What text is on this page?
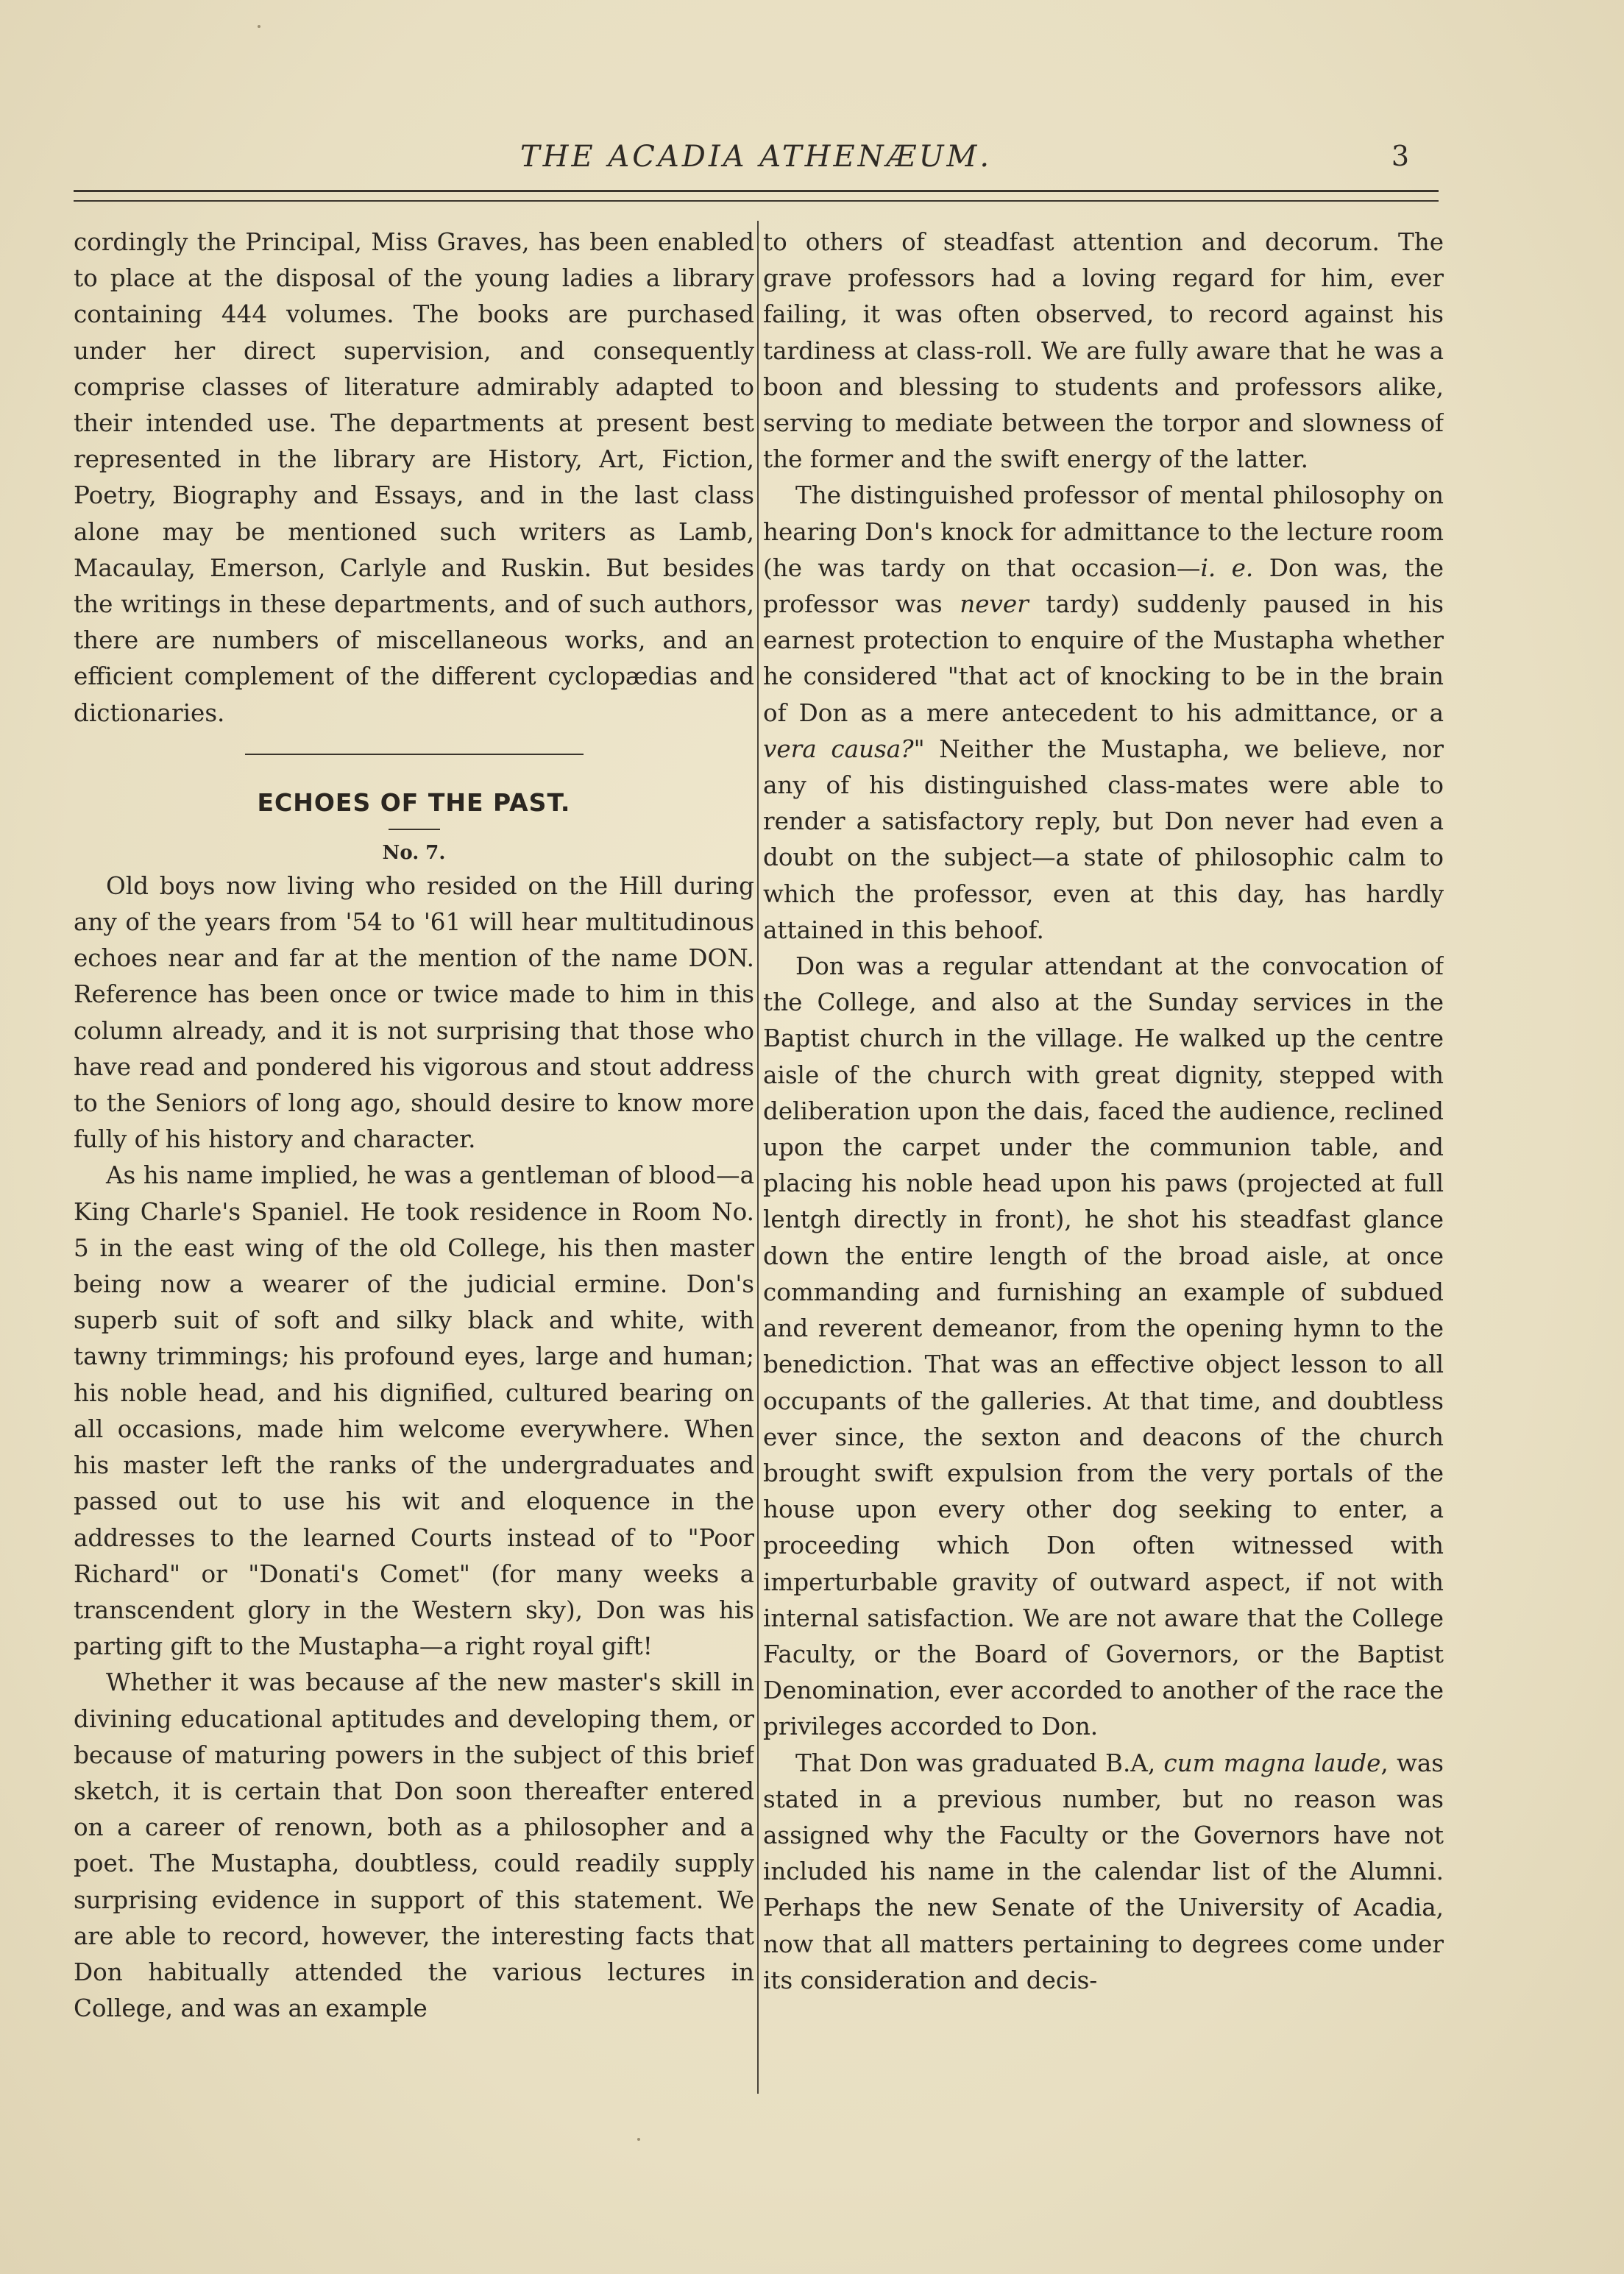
THE ACADIA ATHENÆUM.	3

cordingly the Principal, Miss Graves, has been enabled to place at the disposal of the young ladies a library containing 444 volumes. The books are purchased under her direct supervision, and consequently comprise classes of literature admirably adapted to their intended use. The departments at present best represented in the library are History, Art, Fiction, Poetry, Biography and Essays, and in the last class alone may be mentioned such writers as Lamb, Macaulay, Emerson, Carlyle and Ruskin. But besides the writings in these departments, and of such authors, there are numbers of miscellaneous works, and an efficient complement of the different cyclopædias and dictionaries.

ECHOES OF THE PAST.

No. 7.

Old boys now living who resided on the Hill during any of the years from '54 to '61 will hear multitudinous echoes near and far at the mention of the name DON. Reference has been once or twice made to him in this column already, and it is not surprising that those who have read and pondered his vigorous and stout address to the Seniors of long ago, should desire to know more fully of his history and character.

As his name implied, he was a gentleman of blood—a King Charle's Spaniel. He took residence in Room No. 5 in the east wing of the old College, his then master being now a wearer of the judicial ermine. Don's superb suit of soft and silky black and white, with tawny trimmings; his profound eyes, large and human; his noble head, and his dignified, cultured bearing on all occasions, made him welcome everywhere. When his master left the ranks of the undergraduates and passed out to use his wit and eloquence in the addresses to the learned Courts instead of to "Poor Richard" or "Donati's Comet" (for many weeks a transcendent glory in the Western sky), Don was his parting gift to the Mustapha—a right royal gift!

Whether it was because af the new master's skill in divining educational aptitudes and developing them, or because of maturing powers in the subject of this brief sketch, it is certain that Don soon thereafter entered on a career of renown, both as a philosopher and a poet. The Mustapha, doubtless, could readily supply surprising evidence in support of this statement. We are able to record, however, the interesting facts that Don habitually attended the various lectures in College, and was an example

to others of steadfast attention and decorum. The grave professors had a loving regard for him, ever failing, it was often observed, to record against his tardiness at class-roll. We are fully aware that he was a boon and blessing to students and professors alike, serving to mediate between the torpor and slowness of the former and the swift energy of the latter.

The distinguished professor of mental philosophy on hearing Don's knock for admittance to the lecture room (he was tardy on that occasion—i. e. Don was, the professor was never tardy) suddenly paused in his earnest protection to enquire of the Mustapha whether he considered "that act of knocking to be in the brain of Don as a mere antecedent to his admittance, or a vera causa?" Neither the Mustapha, we believe, nor any of his distinguished class-mates were able to render a satisfactory reply, but Don never had even a doubt on the subject—a state of philosophic calm to which the professor, even at this day, has hardly attained in this behoof.

Don was a regular attendant at the convocation of the College, and also at the Sunday services in the Baptist church in the village. He walked up the centre aisle of the church with great dignity, stepped with deliberation upon the dais, faced the audience, reclined upon the carpet under the communion table, and placing his noble head upon his paws (projected at full lentgh directly in front), he shot his steadfast glance down the entire length of the broad aisle, at once commanding and furnishing an example of subdued and reverent demeanor, from the opening hymn to the benediction. That was an effective object lesson to all occupants of the galleries. At that time, and doubtless ever since, the sexton and deacons of the church brought swift expulsion from the very portals of the house upon every other dog seeking to enter, a proceeding which Don often witnessed with imperturbable gravity of outward aspect, if not with internal satisfaction. We are not aware that the College Faculty, or the Board of Governors, or the Baptist Denomination, ever accorded to another of the race the privileges accorded to Don.

That Don was graduated B.A, cum magna laude, was stated in a previous number, but no reason was assigned why the Faculty or the Governors have not included his name in the calendar list of the Alumni. Perhaps the new Senate of the University of Acadia, now that all matters pertaining to degrees come under its consideration and decis-
